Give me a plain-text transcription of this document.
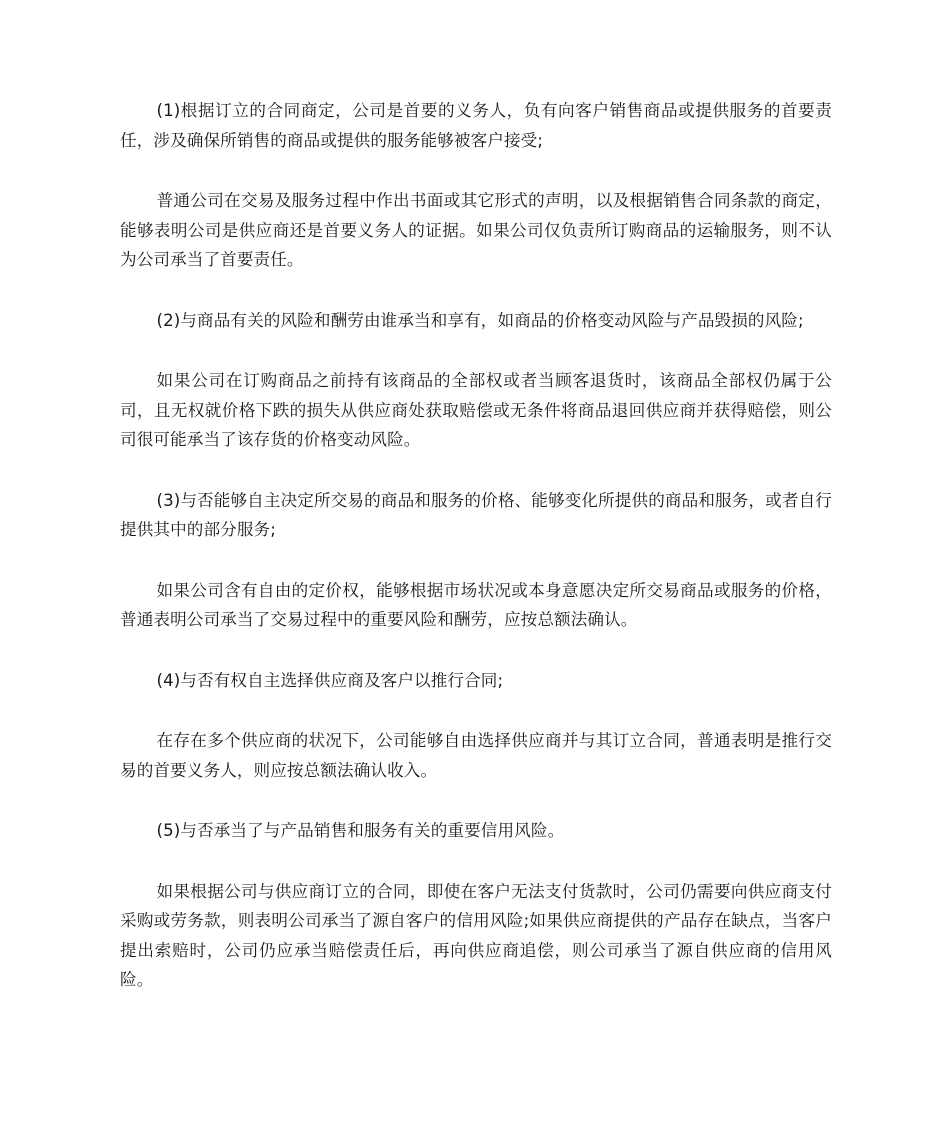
(1)根据订立的合同商定，公司是首要的义务人，负有向客户销售商品或提供服务的首要责任，涉及确保所销售的商品或提供的服务能够被客户接受;

普通公司在交易及服务过程中作出书面或其它形式的声明，以及根据销售合同条款的商定，能够表明公司是供应商还是首要义务人的证据。如果公司仅负责所订购商品的运输服务，则不认为公司承当了首要责任。

(2)与商品有关的风险和酬劳由谁承当和享有，如商品的价格变动风险与产品毁损的风险;

如果公司在订购商品之前持有该商品的全部权或者当顾客退货时，该商品全部权仍属于公司，且无权就价格下跌的损失从供应商处获取赔偿或无条件将商品退回供应商并获得赔偿，则公司很可能承当了该存货的价格变动风险。

(3)与否能够自主决定所交易的商品和服务的价格、能够变化所提供的商品和服务，或者自行提供其中的部分服务;

如果公司含有自由的定价权，能够根据市场状况或本身意愿决定所交易商品或服务的价格，普通表明公司承当了交易过程中的重要风险和酬劳，应按总额法确认。

(4)与否有权自主选择供应商及客户以推行合同;

在存在多个供应商的状况下，公司能够自由选择供应商并与其订立合同，普通表明是推行交易的首要义务人，则应按总额法确认收入。

(5)与否承当了与产品销售和服务有关的重要信用风险。

如果根据公司与供应商订立的合同，即使在客户无法支付货款时，公司仍需要向供应商支付采购或劳务款，则表明公司承当了源自客户的信用风险;如果供应商提供的产品存在缺点，当客户提出索赔时，公司仍应承当赔偿责任后，再向供应商追偿，则公司承当了源自供应商的信用风险。
